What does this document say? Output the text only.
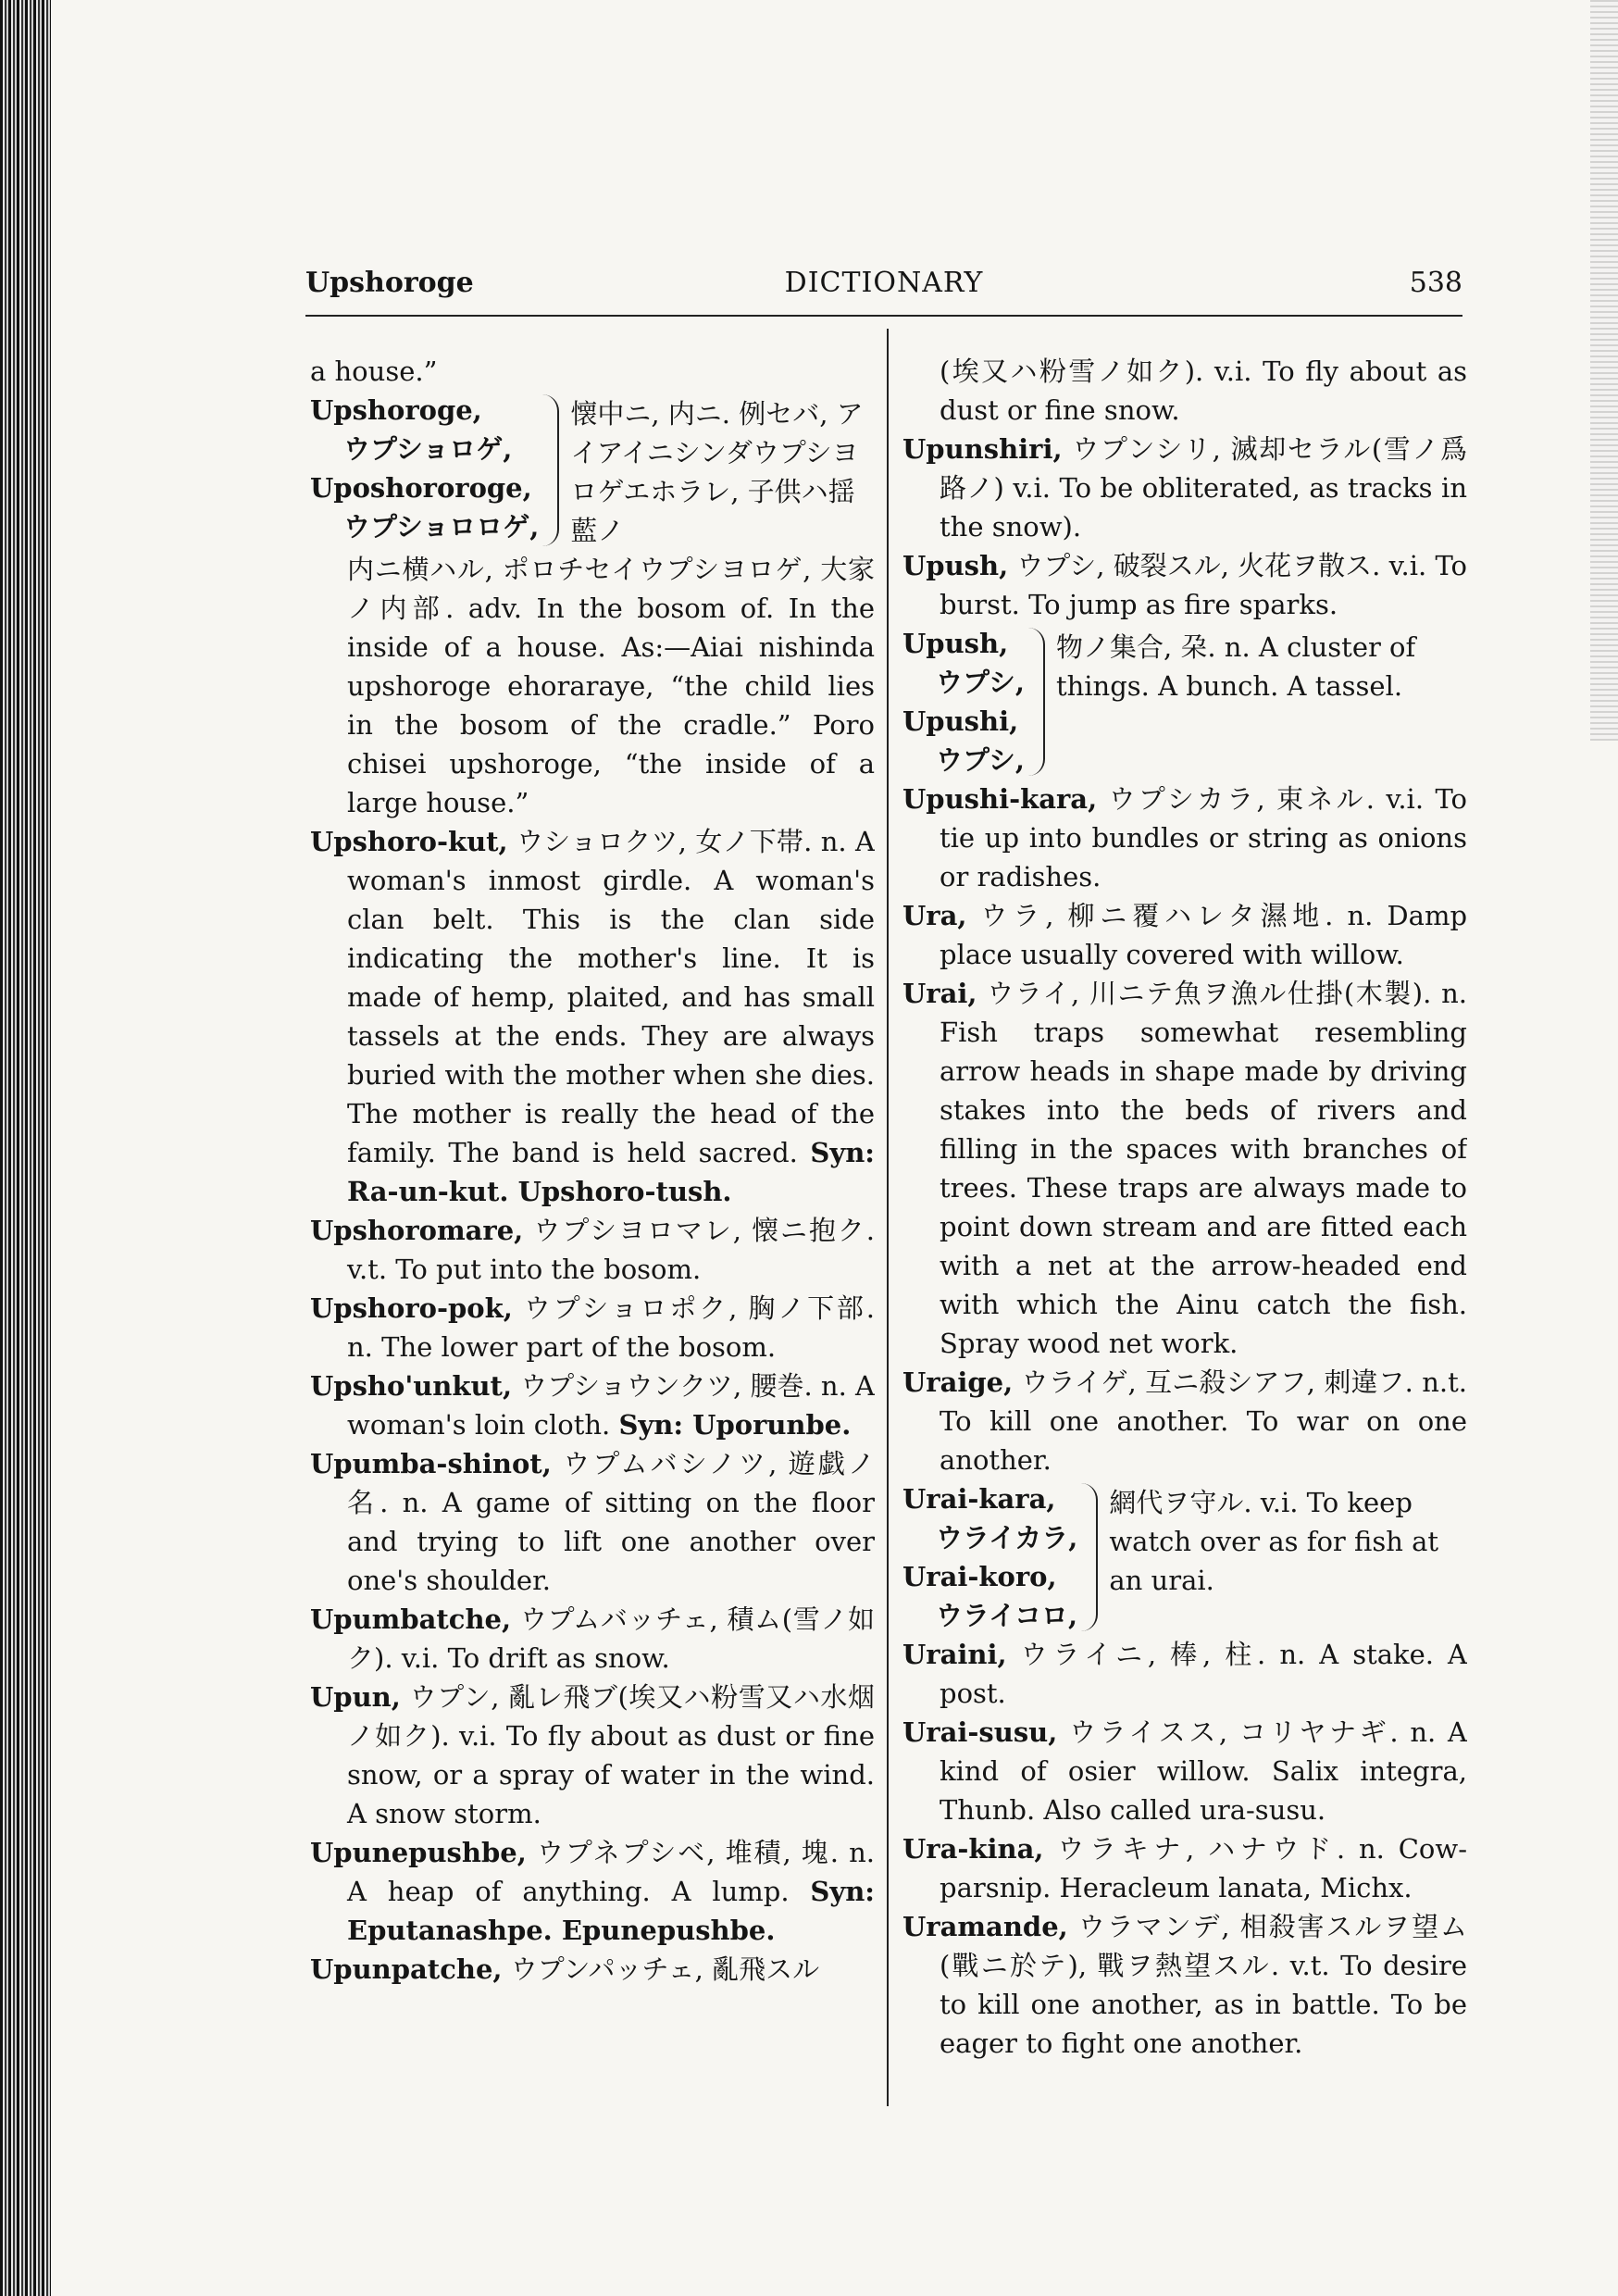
DICTIONARY
Upshoroge	538

a house.”

Upshoroge,
ウプショロゲ,
Uposhororoge,
ウプショロロゲ,
懐中ニ, 内ニ. 例セバ, アイアイニシンダウプシヨロゲエホラレ, 子供ハ揺藍ノ

内ニ横ハル, ポロチセイウプシヨロゲ, 大家ノ内部. adv. In the bosom of. In the inside of a house. As:—Aiai nishinda upshoroge ehoraraye, “the child lies in the bosom of the cradle.” Poro chisei upshoroge, “the inside of a large house.”

Upshoro-kut, ウショロクツ, 女ノ下帯. n. A woman's inmost girdle. A woman's clan belt. This is the clan side indicating the mother's line. It is made of hemp, plaited, and has small tassels at the ends. They are always buried with the mother when she dies. The mother is really the head of the family. The band is held sacred. Syn: Ra-un-kut. Upshoro-tush.

Upshoromare, ウプシヨロマレ, 懐ニ抱ク. v.t. To put into the bosom.

Upshoro-pok, ウプショロポク, 胸ノ下部. n. The lower part of the bosom.

Upsho'unkut, ウプショウンクツ, 腰巻. n. A woman's loin cloth. Syn: Uporunbe.

Upumba-shinot, ウプムバシノツ, 遊戯ノ名. n. A game of sitting on the floor and trying to lift one another over one's shoulder.

Upumbatche, ウプムバッチェ, 積ム(雪ノ如ク). v.i. To drift as snow.

Upun, ウプン, 亂レ飛ブ(埃又ハ粉雪又ハ水烟ノ如ク). v.i. To fly about as dust or fine snow, or a spray of water in the wind. A snow storm.

Upunepushbe, ウプネプシベ, 堆積, 塊. n. A heap of anything. A lump. Syn: Eputanashpe. Epunepushbe.

Upunpatche, ウプンパッチェ, 亂飛スル

(埃又ハ粉雪ノ如ク). v.i. To fly about as dust or fine snow.

Upunshiri, ウプンシリ, 滅却セラル(雪ノ爲路ノ) v.i. To be obliterated, as tracks in the snow).

Upush, ウプシ, 破裂スル, 火花ヲ散ス. v.i. To burst. To jump as fire sparks.

Upush,
ウプシ,
Upushi,
ウプシ,
物ノ集合, 朶. n. A cluster of things. A bunch. A tassel.

Upushi-kara, ウプシカラ, 束ネル. v.i. To tie up into bundles or string as onions or radishes.

Ura, ウラ, 柳ニ覆ハレタ濕地. n. Damp place usually covered with willow.

Urai, ウライ, 川ニテ魚ヲ漁ル仕掛(木製). n. Fish traps somewhat resembling arrow heads in shape made by driving stakes into the beds of rivers and filling in the spaces with branches of trees. These traps are always made to point down stream and are fitted each with a net at the arrow-headed end with which the Ainu catch the fish. Spray wood net work.

Uraige, ウライゲ, 互ニ殺シアフ, 刺違フ. n.t. To kill one another. To war on one another.

Urai-kara,
ウライカラ,
Urai-koro,
ウライコロ,
網代ヲ守ル. v.i. To keep watch over as for fish at an urai.

Uraini, ウライニ, 棒, 柱. n. A stake. A post.

Urai-susu, ウライスス, コリヤナギ. n. A kind of osier willow. Salix integra, Thunb. Also called ura-susu.

Ura-kina, ウラキナ, ハナウド. n. Cow-parsnip. Heracleum lanata, Michx.

Uramande, ウラマンデ, 相殺害スルヲ望ム(戰ニ於テ), 戰ヲ熱望スル. v.t. To desire to kill one another, as in battle. To be eager to fight one another.
